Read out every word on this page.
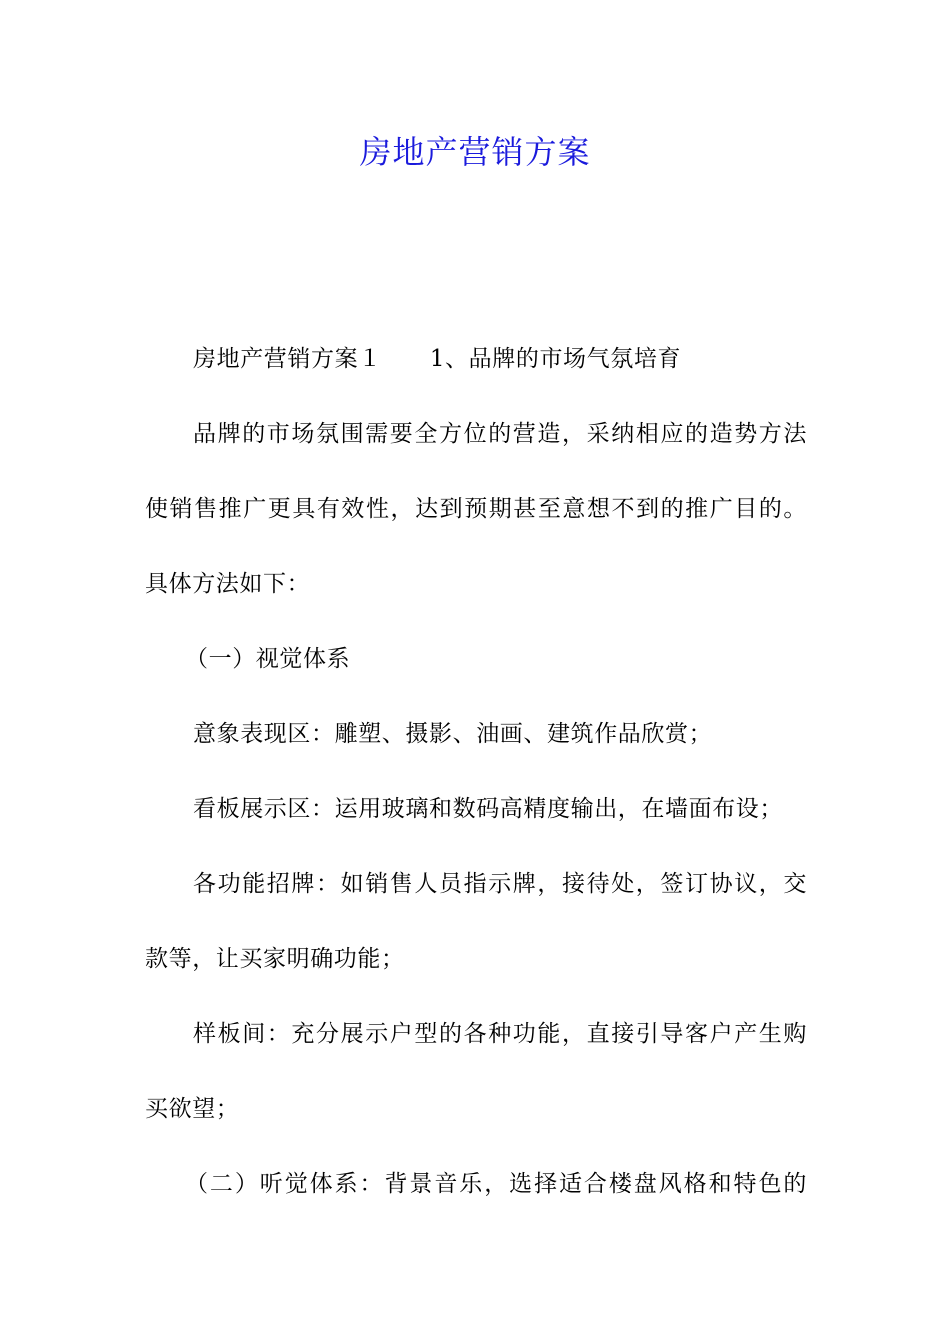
房地产营销方案
房地产营销方案１ 1、品牌的市场气氛培育
品牌的市场氛围需要全方位的营造，采纳相应的造势方法
使销售推广更具有效性，达到预期甚至意想不到的推广目的。
具体方法如下：
（一）视觉体系
意象表现区：雕塑、摄影、油画、建筑作品欣赏；
看板展示区：运用玻璃和数码高精度输出，在墙面布设；
各功能招牌：如销售人员指示牌，接待处，签订协议，交
款等，让买家明确功能；
样板间：充分展示户型的各种功能，直接引导客户产生购
买欲望；
（二）听觉体系：背景音乐，选择适合楼盘风格和特色的
